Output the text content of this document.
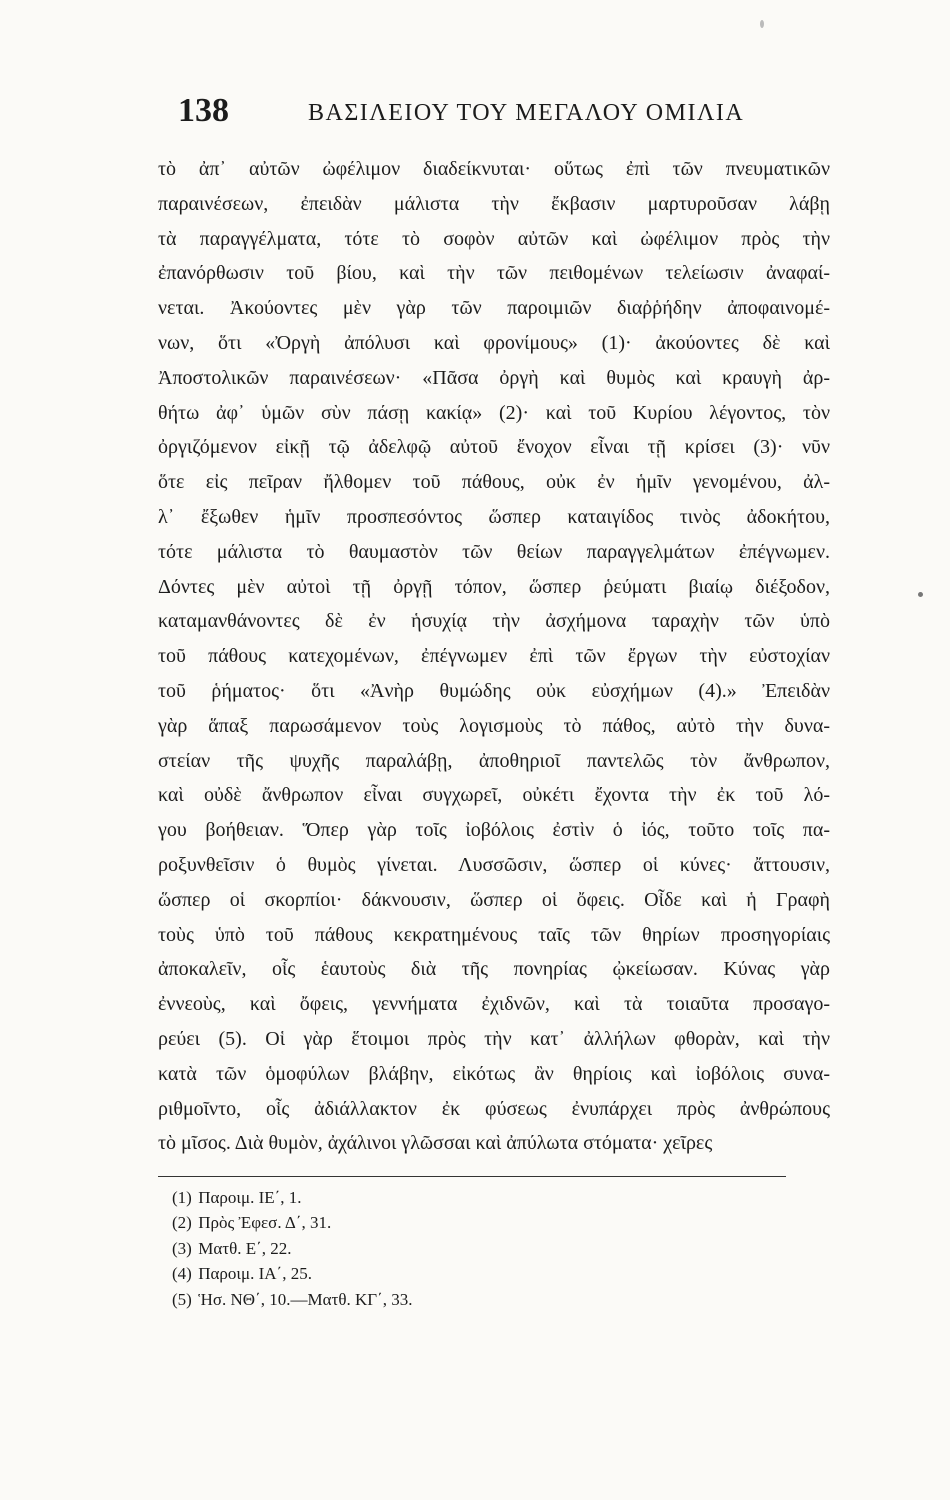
138	ΒΑΣΙΛΕΙΟΥ ΤΟΥ ΜΕΓΑΛΟΥ ΟΜΙΛΙΑ
τὸ ἀπ᾽ αὐτῶν ὠφέλιμον διαδείκνυται· οὕτως ἐπὶ τῶν πνευματικῶν
παραινέσεων, ἐπειδὰν μάλιστα τὴν ἔκβασιν μαρτυροῦσαν λάβῃ
τὰ παραγγέλματα, τότε τὸ σοφὸν αὐτῶν καὶ ὠφέλιμον πρὸς τὴν
ἐπανόρθωσιν τοῦ βίου, καὶ τὴν τῶν πειθομένων τελείωσιν ἀναφαί-
νεται. Ἀκούοντες μὲν γὰρ τῶν παροιμιῶν διαῤῥήδην ἀποφαινομέ-
νων, ὅτι «Ὀργὴ ἀπόλυσι καὶ φρονίμους» (1)· ἀκούοντες δὲ καὶ
Ἀποστολικῶν παραινέσεων· «Πᾶσα ὀργὴ καὶ θυμὸς καὶ κραυγὴ ἀρ-
θήτω ἀφ᾽ ὑμῶν σὺν πάσῃ κακίᾳ» (2)· καὶ τοῦ Κυρίου λέγοντος, τὸν
ὀργιζόμενον εἰκῇ τῷ ἀδελφῷ αὐτοῦ ἔνοχον εἶναι τῇ κρίσει (3)· νῦν
ὅτε εἰς πεῖραν ἤλθομεν τοῦ πάθους, οὐκ ἐν ἡμῖν γενομένου, ἀλ-
λ᾽ ἔξωθεν ἡμῖν προσπεσόντος ὥσπερ καταιγίδος τινὸς ἀδοκήτου,
τότε μάλιστα τὸ θαυμαστὸν τῶν θείων παραγγελμάτων ἐπέγνωμεν.
Δόντες μὲν αὐτοὶ τῇ ὀργῇ τόπον, ὥσπερ ῥεύματι βιαίῳ διέξοδον,
καταμανθάνοντες δὲ ἐν ἡσυχίᾳ τὴν ἀσχήμονα ταραχὴν τῶν ὑπὸ
τοῦ πάθους κατεχομένων, ἐπέγνωμεν ἐπὶ τῶν ἔργων τὴν εὐστοχίαν
τοῦ ῥήματος· ὅτι «Ἀνὴρ θυμώδης οὐκ εὐσχήμων (4).» Ἐπειδὰν
γὰρ ἅπαξ παρωσάμενον τοὺς λογισμοὺς τὸ πάθος, αὐτὸ τὴν δυνα-
στείαν τῆς ψυχῆς παραλάβῃ, ἀποθηριοῖ παντελῶς τὸν ἄνθρωπον,
καὶ οὐδὲ ἄνθρωπον εἶναι συγχωρεῖ, οὐκέτι ἔχοντα τὴν ἐκ τοῦ λό-
γου βοήθειαν. Ὅπερ γὰρ τοῖς ἰοβόλοις ἐστὶν ὁ ἰός, τοῦτο τοῖς πα-
ροξυνθεῖσιν ὁ θυμὸς γίνεται. Λυσσῶσιν, ὥσπερ οἱ κύνες· ἄττουσιν,
ὥσπερ οἱ σκορπίοι· δάκνουσιν, ὥσπερ οἱ ὄφεις. Οἶδε καὶ ἡ Γραφὴ
τοὺς ὑπὸ τοῦ πάθους κεκρατημένους ταῖς τῶν θηρίων προσηγορίαις
ἀποκαλεῖν, οἷς ἑαυτοὺς διὰ τῆς πονηρίας ᾠκείωσαν. Κύνας γὰρ
ἐννεοὺς, καὶ ὄφεις, γεννήματα ἐχιδνῶν, καὶ τὰ τοιαῦτα προσαγο-
ρεύει (5). Οἱ γὰρ ἕτοιμοι πρὸς τὴν κατ᾽ ἀλλήλων φθορὰν, καὶ τὴν
κατὰ τῶν ὁμοφύλων βλάβην, εἰκότως ἂν θηρίοις καὶ ἰοβόλοις συνα-
ριθμοῖντο, οἷς ἀδιάλλακτον ἐκ φύσεως ἐνυπάρχει πρὸς ἀνθρώπους
τὸ μῖσος. Διὰ θυμὸν, ἀχάλινοι γλῶσσαι καὶ ἀπύλωτα στόματα· χεῖρες
(1) Παροιμ. ΙΕ΄, 1.
(2) Πρὸς Ἐφεσ. Δ΄, 31.
(3) Ματθ. Ε΄, 22.
(4) Παροιμ. ΙΑ΄, 25.
(5) Ἡσ. ΝΘ΄, 10.—Ματθ. ΚΓ΄, 33.
